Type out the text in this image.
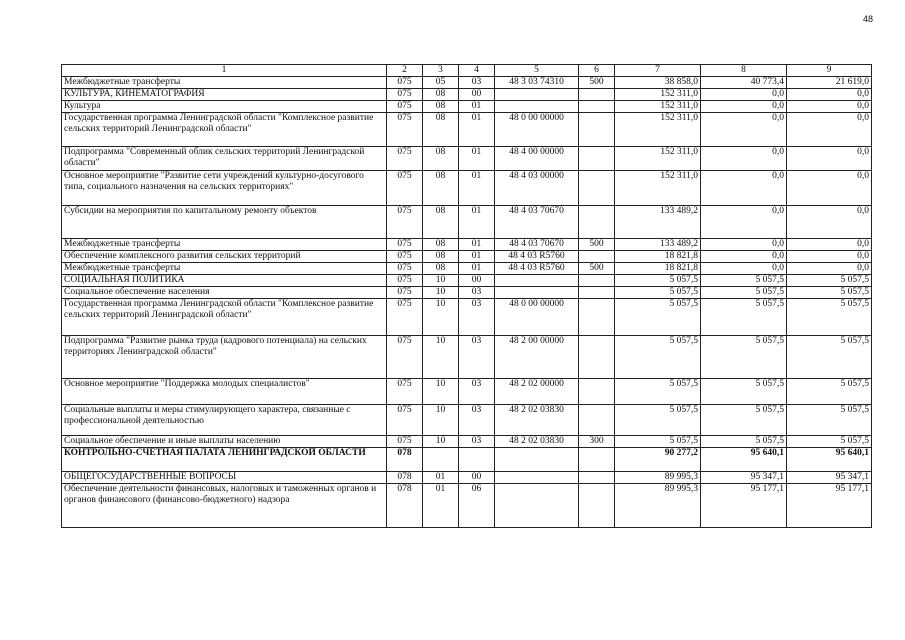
48
1	2	3	4	5	6	7	8	9
Межбюджетные трансферты	075	05	03	48 3 03 74310	500	38 858,0	40 773,4	21 619,0
КУЛЬТУРА, КИНЕМАТОГРАФИЯ	075	08	00			152 311,0	0,0	0,0
Культура	075	08	01			152 311,0	0,0	0,0
Государственная программа Ленинградской области "Комплексное развитие сельских территорий Ленинградской области"	075	08	01	48 0 00 00000		152 311,0	0,0	0,0
Подпрограмма "Современный облик сельских территорий Ленинградской области"	075	08	01	48 4 00 00000		152 311,0	0,0	0,0
Основное мероприятие "Развитие сети учреждений культурно-досугового типа, социального назначения на сельских территориях"	075	08	01	48 4 03 00000		152 311,0	0,0	0,0
Субсидии на мероприятия по капитальному ремонту объектов	075	08	01	48 4 03 70670		133 489,2	0,0	0,0
Межбюджетные трансферты	075	08	01	48 4 03 70670	500	133 489,2	0,0	0,0
Обеспечение комплексного развития сельских территорий	075	08	01	48 4 03 R5760		18 821,8	0,0	0,0
Межбюджетные трансферты	075	08	01	48 4 03 R5760	500	18 821,8	0,0	0,0
СОЦИАЛЬНАЯ ПОЛИТИКА	075	10	00			5 057,5	5 057,5	5 057,5
Социальное обеспечение населения	075	10	03			5 057,5	5 057,5	5 057,5
Государственная программа Ленинградской области "Комплексное развитие сельских территорий Ленинградской области"	075	10	03	48 0 00 00000		5 057,5	5 057,5	5 057,5
Подпрограмма "Развитие рынка труда (кадрового потенциала) на сельских территориях Ленинградской области"	075	10	03	48 2 00 00000		5 057,5	5 057,5	5 057,5
Основное мероприятие "Поддержка молодых специалистов"	075	10	03	48 2 02 00000		5 057,5	5 057,5	5 057,5
Социальные выплаты и меры стимулирующего характера, связанные с профессиональной деятельностью	075	10	03	48 2 02 03830		5 057,5	5 057,5	5 057,5
Социальное обеспечение и иные выплаты населению	075	10	03	48 2 02 03830	300	5 057,5	5 057,5	5 057,5
КОНТРОЛЬНО-СЧЕТНАЯ ПАЛАТА ЛЕНИНГРАДСКОЙ ОБЛАСТИ	078					90 277,2	95 640,1	95 640,1
ОБЩЕГОСУДАРСТВЕННЫЕ ВОПРОСЫ	078	01	00			89 995,3	95 347,1	95 347,1
Обеспечение деятельности финансовых, налоговых и таможенных органов и органов финансового (финансово-бюджетного) надзора	078	01	06			89 995,3	95 177,1	95 177,1
